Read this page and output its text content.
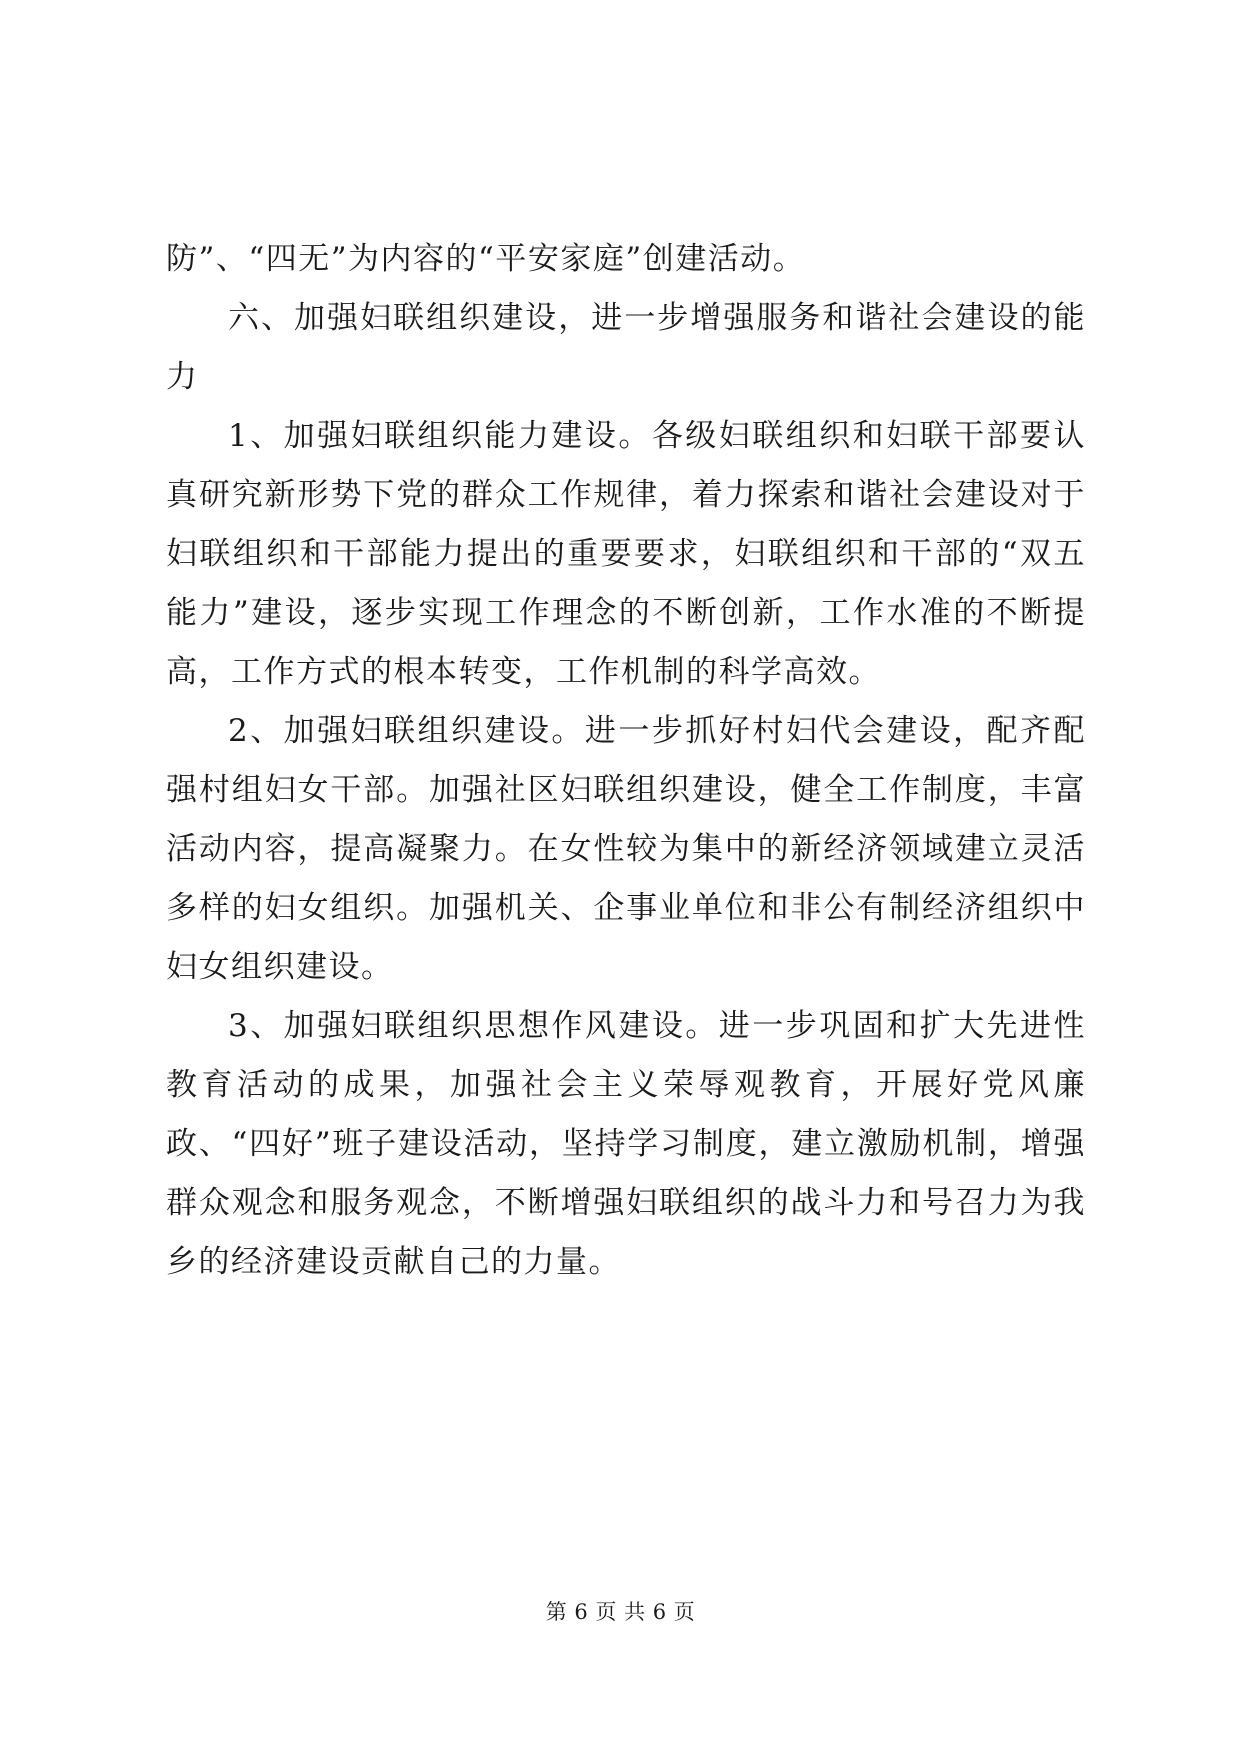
防”、“四无”为内容的“平安家庭”创建活动。

六、加强妇联组织建设，进一步增强服务和谐社会建设的能力

1、加强妇联组织能力建设。各级妇联组织和妇联干部要认真研究新形势下党的群众工作规律，着力探索和谐社会建设对于妇联组织和干部能力提出的重要要求，妇联组织和干部的“双五能力”建设，逐步实现工作理念的不断创新，工作水准的不断提高，工作方式的根本转变，工作机制的科学高效。

2、加强妇联组织建设。进一步抓好村妇代会建设，配齐配强村组妇女干部。加强社区妇联组织建设，健全工作制度，丰富活动内容，提高凝聚力。在女性较为集中的新经济领域建立灵活多样的妇女组织。加强机关、企事业单位和非公有制经济组织中妇女组织建设。

3、加强妇联组织思想作风建设。进一步巩固和扩大先进性教育活动的成果，加强社会主义荣辱观教育，开展好党风廉政、“四好”班子建设活动，坚持学习制度，建立激励机制，增强群众观念和服务观念，不断增强妇联组织的战斗力和号召力为我乡的经济建设贡献自己的力量。

第 6 页 共 6 页
